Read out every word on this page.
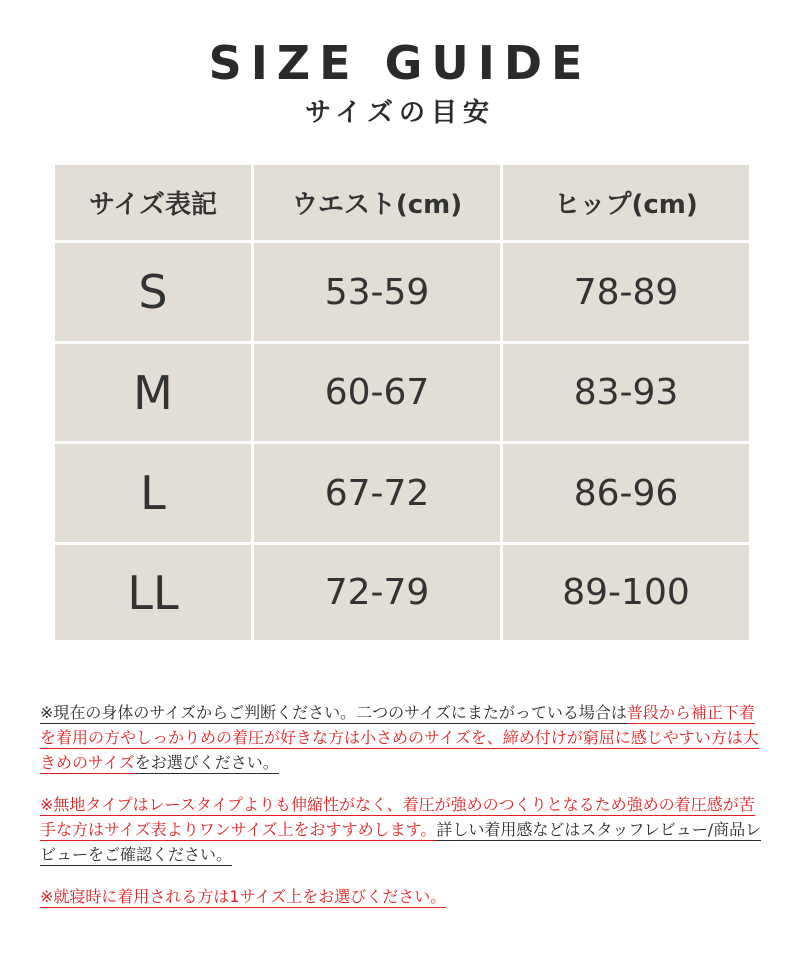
SIZE GUIDE
サイズの目安
サイズ表記	ウエスト(cm)	ヒップ(cm)
S	53-59	78-89
M	60-67	83-93
L	67-72	86-96
LL	72-79	89-100

※現在の身体のサイズからご判断ください。二つのサイズにまたがっている場合は普段から補正下着を着用の方やしっかりめの着圧が好きな方は小さめのサイズを、締め付けが窮屈に感じやすい方は大きめのサイズをお選びください。

※無地タイプはレースタイプよりも伸縮性がなく、着圧が強めのつくりとなるため強めの着圧感が苦手な方はサイズ表よりワンサイズ上をおすすめします。詳しい着用感などはスタッフレビュー/商品レビューをご確認ください。

※就寝時に着用される方は1サイズ上をお選びください。
